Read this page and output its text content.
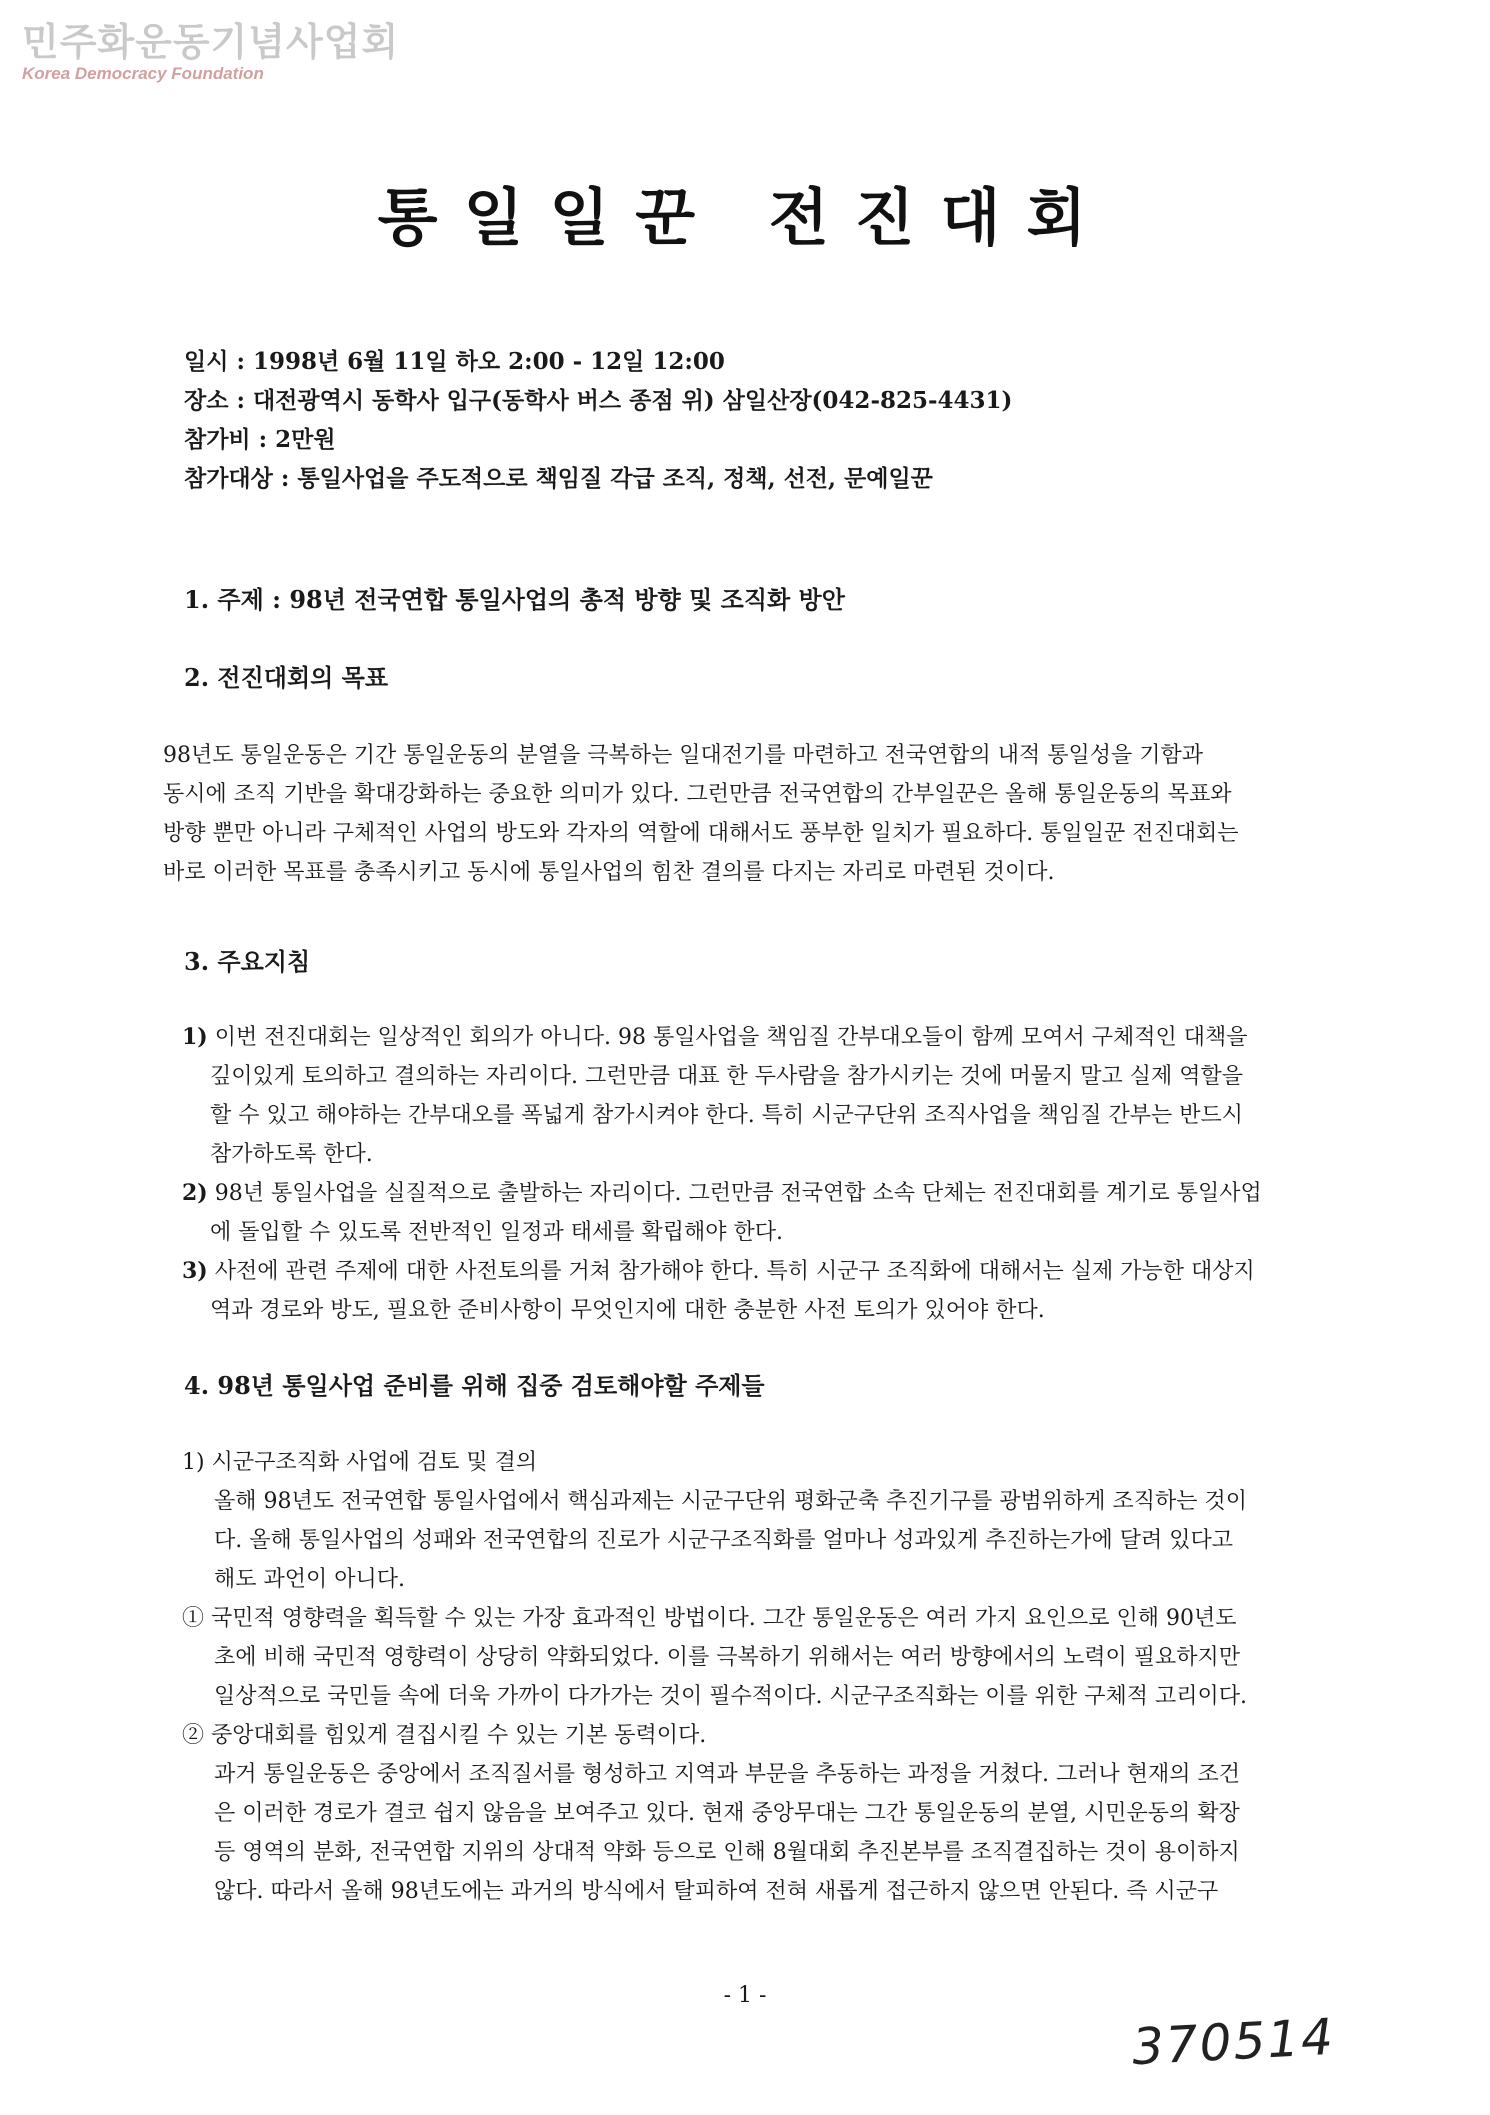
민주화운동기념사업회
Korea Democracy Foundation
통일일꾼 전진대회
일시 : 1998년 6월 11일 하오 2:00 - 12일 12:00
장소 : 대전광역시 동학사 입구(동학사 버스 종점 위) 삼일산장(042-825-4431)
참가비 : 2만원
참가대상 : 통일사업을 주도적으로 책임질 각급 조직, 정책, 선전, 문예일꾼
1. 주제 : 98년 전국연합 통일사업의 총적 방향 및 조직화 방안
2. 전진대회의 목표
98년도 통일운동은 기간 통일운동의 분열을 극복하는 일대전기를 마련하고 전국연합의 내적 통일성을 기함과
동시에 조직 기반을 확대강화하는 중요한 의미가 있다. 그런만큼 전국연합의 간부일꾼은 올해 통일운동의 목표와
방향 뿐만 아니라 구체적인 사업의 방도와 각자의 역할에 대해서도 풍부한 일치가 필요하다. 통일일꾼 전진대회는
바로 이러한 목표를 충족시키고 동시에 통일사업의 힘찬 결의를 다지는 자리로 마련된 것이다.
3. 주요지침
1) 이번 전진대회는 일상적인 회의가 아니다. 98 통일사업을 책임질 간부대오들이 함께 모여서 구체적인 대책을
깊이있게 토의하고 결의하는 자리이다. 그런만큼 대표 한 두사람을 참가시키는 것에 머물지 말고 실제 역할을
할 수 있고 해야하는 간부대오를 폭넓게 참가시켜야 한다. 특히 시군구단위 조직사업을 책임질 간부는 반드시
참가하도록 한다.
2) 98년 통일사업을 실질적으로 출발하는 자리이다. 그런만큼 전국연합 소속 단체는 전진대회를 계기로 통일사업
에 돌입할 수 있도록 전반적인 일정과 태세를 확립해야 한다.
3) 사전에 관련 주제에 대한 사전토의를 거쳐 참가해야 한다. 특히 시군구 조직화에 대해서는 실제 가능한 대상지
역과 경로와 방도, 필요한 준비사항이 무엇인지에 대한 충분한 사전 토의가 있어야 한다.
4. 98년 통일사업 준비를 위해 집중 검토해야할 주제들
1) 시군구조직화 사업에 검토 및 결의
올해 98년도 전국연합 통일사업에서 핵심과제는 시군구단위 평화군축 추진기구를 광범위하게 조직하는 것이
다. 올해 통일사업의 성패와 전국연합의 진로가 시군구조직화를 얼마나 성과있게 추진하는가에 달려 있다고
해도 과언이 아니다.
① 국민적 영향력을 획득할 수 있는 가장 효과적인 방법이다. 그간 통일운동은 여러 가지 요인으로 인해 90년도
초에 비해 국민적 영향력이 상당히 약화되었다. 이를 극복하기 위해서는 여러 방향에서의 노력이 필요하지만
일상적으로 국민들 속에 더욱 가까이 다가가는 것이 필수적이다. 시군구조직화는 이를 위한 구체적 고리이다.
② 중앙대회를 힘있게 결집시킬 수 있는 기본 동력이다.
과거 통일운동은 중앙에서 조직질서를 형성하고 지역과 부문을 추동하는 과정을 거쳤다. 그러나 현재의 조건
은 이러한 경로가 결코 쉽지 않음을 보여주고 있다. 현재 중앙무대는 그간 통일운동의 분열, 시민운동의 확장
등 영역의 분화, 전국연합 지위의 상대적 약화 등으로 인해 8월대회 추진본부를 조직결집하는 것이 용이하지
않다. 따라서 올해 98년도에는 과거의 방식에서 탈피하여 전혀 새롭게 접근하지 않으면 안된다. 즉 시군구
- 1 -
370514
